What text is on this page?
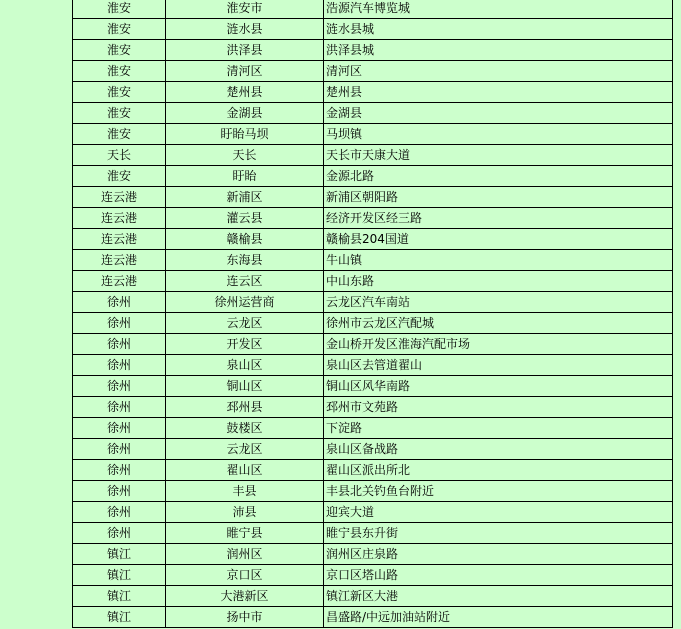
淮安	淮安市	浩源汽车博览城
淮安	涟水县	涟水县城
淮安	洪泽县	洪泽县城
淮安	清河区	清河区
淮安	楚州县	楚州县
淮安	金湖县	金湖县
淮安	盱眙马坝	马坝镇
天长	天长	天长市天康大道
淮安	盱眙	金源北路
连云港	新浦区	新浦区朝阳路
连云港	灌云县	经济开发区经三路
连云港	赣榆县	赣榆县204国道
连云港	东海县	牛山镇
连云港	连云区	中山东路
徐州	徐州运营商	云龙区汽车南站
徐州	云龙区	徐州市云龙区汽配城
徐州	开发区	金山桥开发区淮海汽配市场
徐州	泉山区	泉山区去管道翟山
徐州	铜山区	铜山区风华南路
徐州	邳州县	邳州市文苑路
徐州	鼓楼区	下淀路
徐州	云龙区	泉山区备战路
徐州	翟山区	翟山区派出所北
徐州	丰县	丰县北关钓鱼台附近
徐州	沛县	迎宾大道
徐州	睢宁县	睢宁县东升街
镇江	润州区	润州区庄泉路
镇江	京口区	京口区塔山路
镇江	大港新区	镇江新区大港
镇江	扬中市	昌盛路/中远加油站附近
